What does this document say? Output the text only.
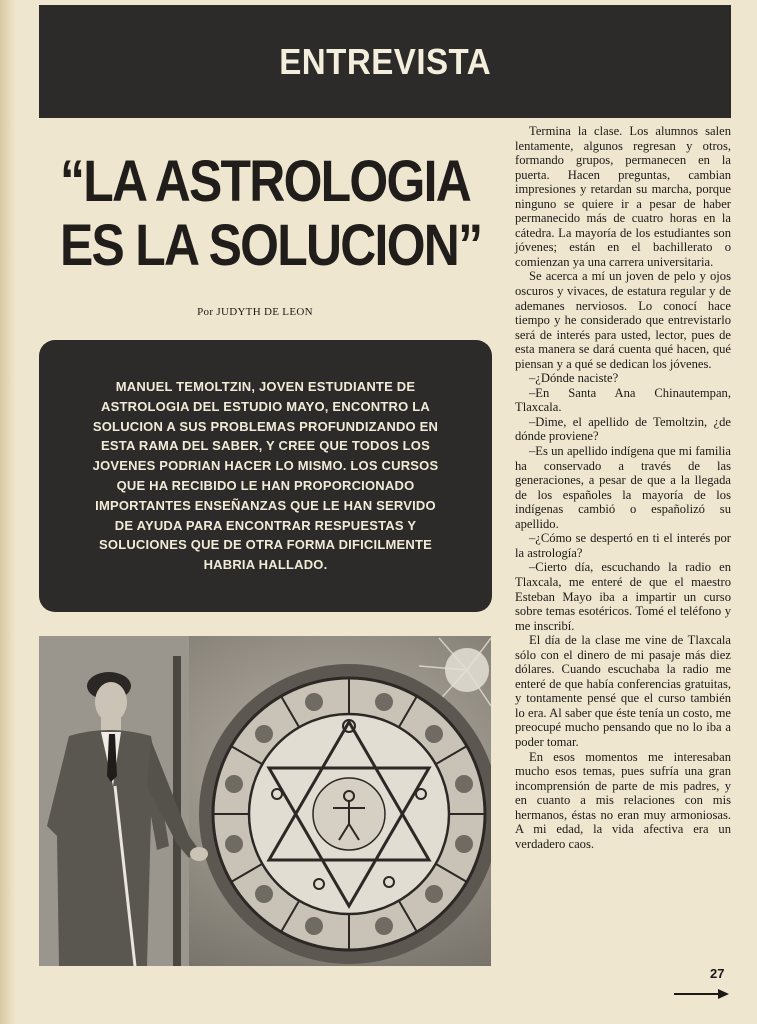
ENTREVISTA
“LA ASTROLOGIA
ES LA SOLUCION”
Por JUDYTH DE LEON
MANUEL TEMOLTZIN, JOVEN ESTUDIANTE DE ASTROLOGIA DEL ESTUDIO MAYO, ENCONTRO LA SOLUCION A SUS PROBLEMAS PROFUNDIZANDO EN ESTA RAMA DEL SABER, Y CREE QUE TODOS LOS JOVENES PODRIAN HACER LO MISMO. LOS CURSOS QUE HA RECIBIDO LE HAN PROPORCIONADO IMPORTANTES ENSEÑANZAS QUE LE HAN SERVIDO DE AYUDA PARA ENCONTRAR RESPUESTAS Y SOLUCIONES QUE DE OTRA FORMA DIFICILMENTE HABRIA HALLADO.

Termina la clase. Los alumnos salen lentamente, algunos regresan y otros, formando grupos, permanecen en la puerta. Hacen preguntas, cambian impresiones y retardan su marcha, porque ninguno se quiere ir a pesar de haber permanecido más de cuatro horas en la cátedra. La mayoría de los estudiantes son jóvenes; están en el bachillerato o comienzan ya una carrera universitaria.

Se acerca a mí un joven de pelo y ojos oscuros y vivaces, de estatura regular y de ademanes nerviosos. Lo conocí hace tiempo y he considerado que entrevistarlo será de interés para usted, lector, pues de esta manera se dará cuenta qué hacen, qué piensan y a qué se dedican los jóvenes.

–¿Dónde naciste?

–En Santa Ana Chinautempan, Tlaxcala.

–Dime, el apellido de Temoltzin, ¿de dónde proviene?

–Es un apellido indígena que mi familia ha conservado a través de las generaciones, a pesar de que a la llegada de los españoles la mayoría de los indígenas cambió o españolizó su apellido.

–¿Cómo se despertó en ti el interés por la astrología?

–Cierto día, escuchando la radio en Tlaxcala, me enteré de que el maestro Esteban Mayo iba a impartir un curso sobre temas esotéricos. Tomé el teléfono y me inscribí.

El día de la clase me vine de Tlaxcala sólo con el dinero de mi pasaje más diez dólares. Cuando escuchaba la radio me enteré de que había conferencias gratuitas, y tontamente pensé que el curso también lo era. Al saber que éste tenía un costo, me preocupé mucho pensando que no lo iba a poder tomar.

En esos momentos me interesaban mucho esos temas, pues sufría una gran incomprensión de parte de mis padres, y en cuanto a mis relaciones con mis hermanos, éstas no eran muy armoniosas. A mi edad, la vida afectiva era un verdadero caos.

27
